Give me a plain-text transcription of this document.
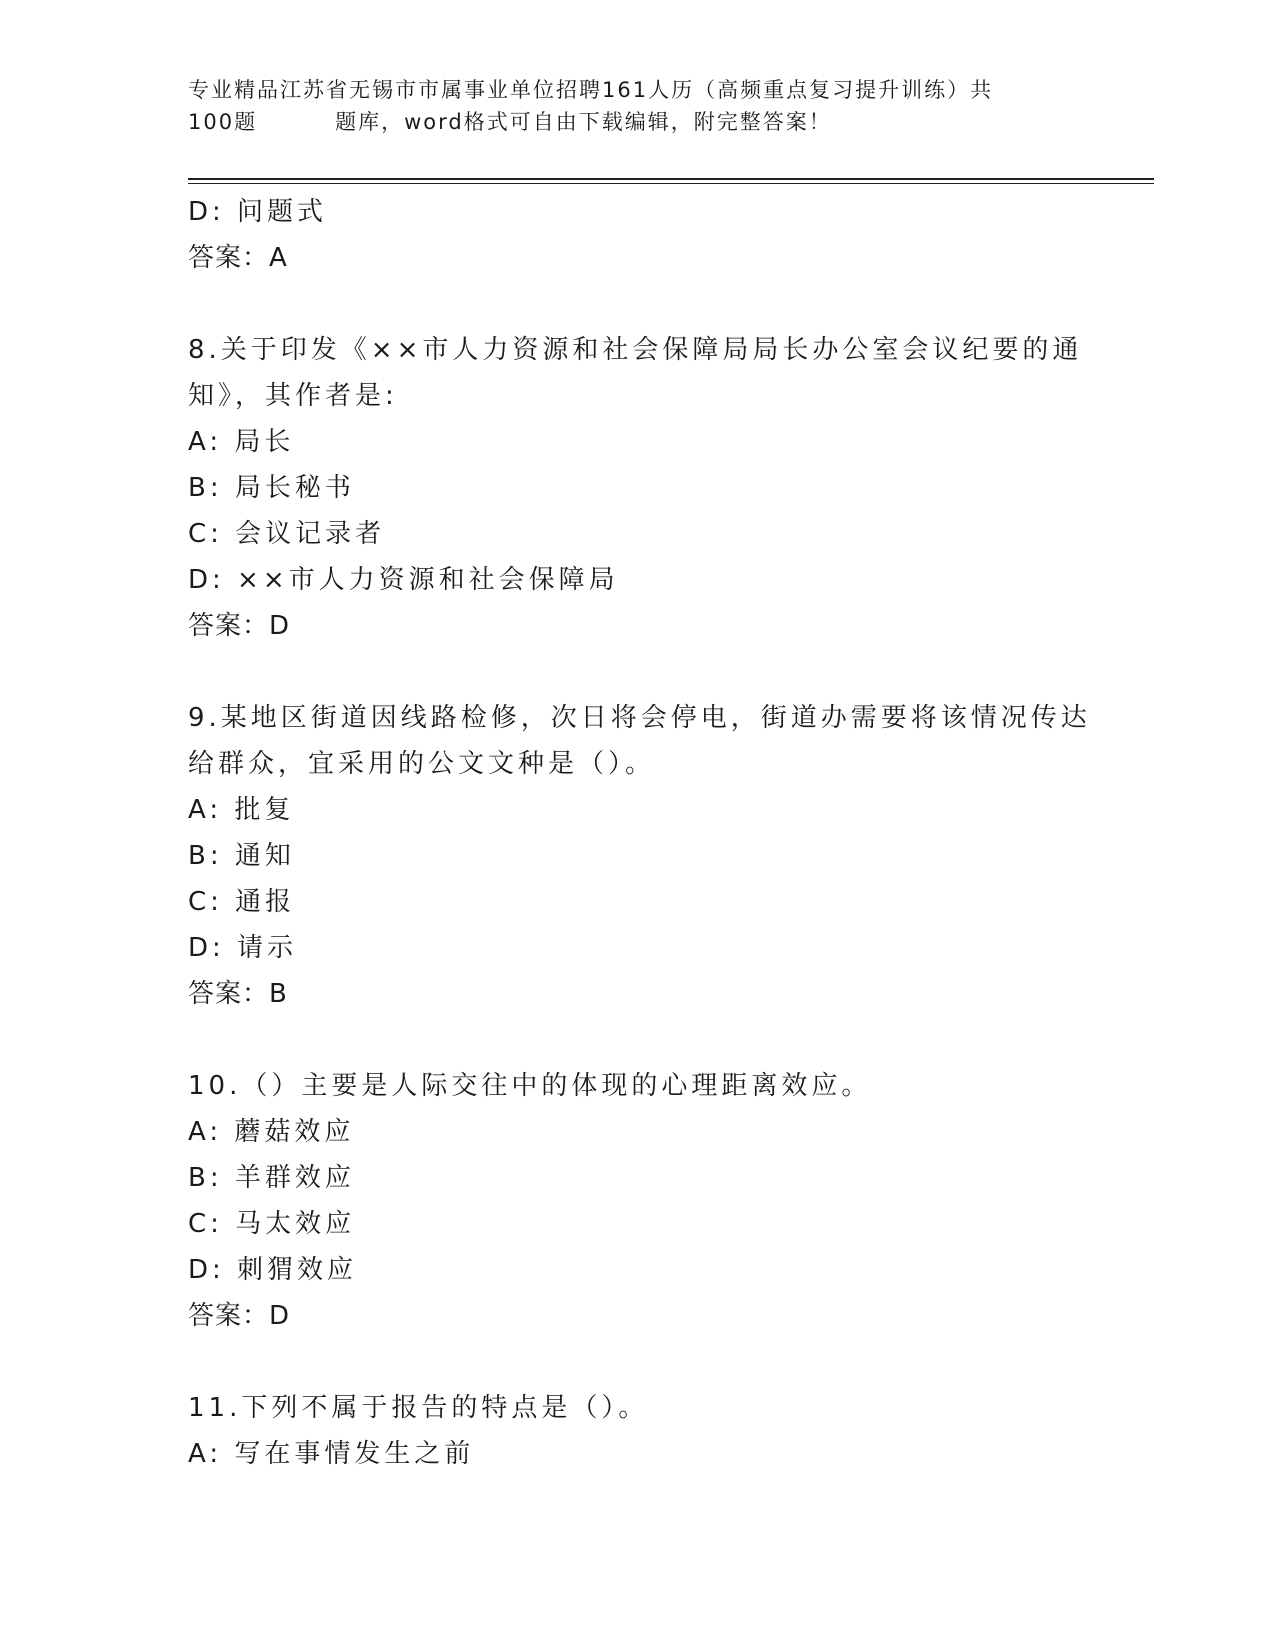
专业精品江苏省无锡市市属事业单位招聘161人历（高频重点复习提升训练）共
100题	题库，word格式可自由下载编辑，附完整答案！
D: 问题式
答案：A
8.关于印发《××市人力资源和社会保障局局长办公室会议纪要的通
知》，其作者是:
A: 局长
B: 局长秘书
C: 会议记录者
D: ××市人力资源和社会保障局
答案：D
9.某地区街道因线路检修，次日将会停电，街道办需要将该情况传达
给群众，宜采用的公文文种是（）。
A: 批复
B: 通知
C: 通报
D: 请示
答案：B
10.（）主要是人际交往中的体现的心理距离效应。
A: 蘑菇效应
B: 羊群效应
C: 马太效应
D: 刺猬效应
答案：D
11.下列不属于报告的特点是（）。
A: 写在事情发生之前
